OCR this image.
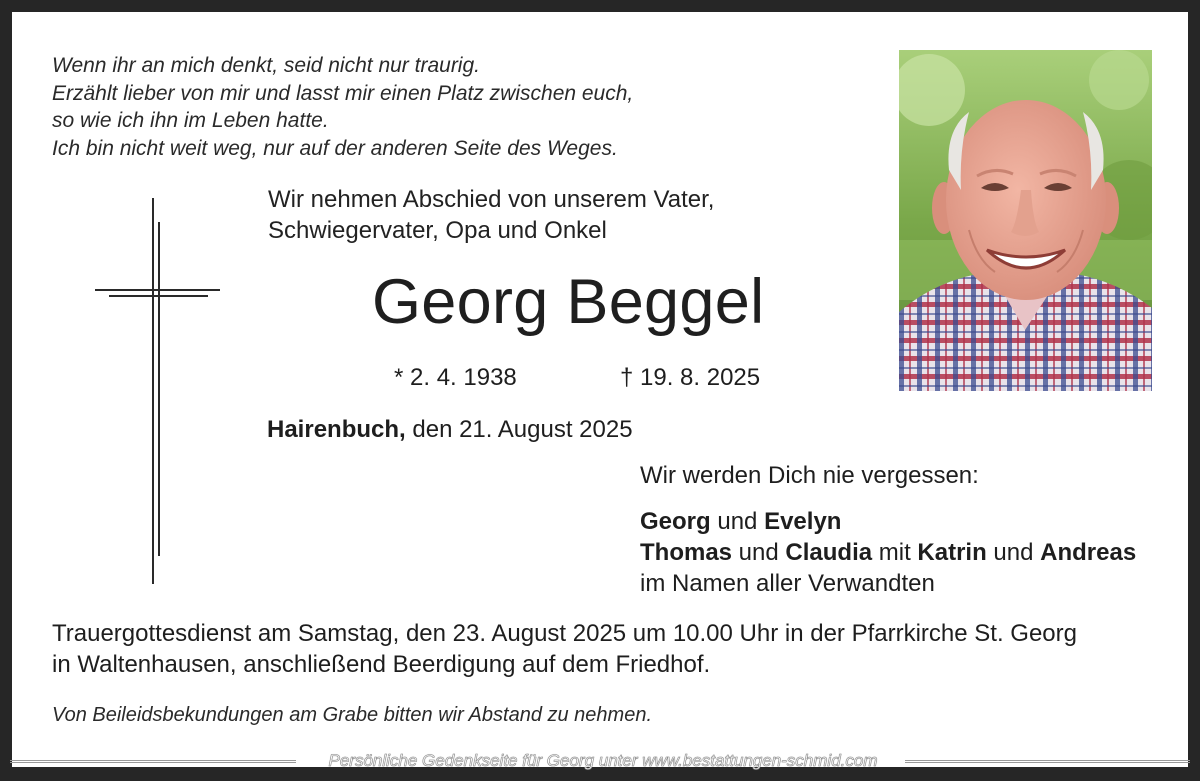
Wenn ihr an mich denkt, seid nicht nur traurig.
Erzählt lieber von mir und lasst mir einen Platz zwischen euch,
so wie ich ihn im Leben hatte.
Ich bin nicht weit weg, nur auf der anderen Seite des Weges.
Wir nehmen Abschied von unserem Vater,
Schwiegervater, Opa und Onkel
Georg Beggel
* 2. 4. 1938	† 19. 8. 2025
Hairenbuch, den 21. August 2025
Wir werden Dich nie vergessen:
Georg und Evelyn
Thomas und Claudia mit Katrin und Andreas
im Namen aller Verwandten
Trauergottesdienst am Samstag, den 23. August 2025 um 10.00 Uhr in der Pfarrkirche St. Georg
in Waltenhausen, anschließend Beerdigung auf dem Friedhof.
Von Beileidsbekundungen am Grabe bitten wir Abstand zu nehmen.
Persönliche Gedenkseite für Georg unter www.bestattungen-schmid.com
